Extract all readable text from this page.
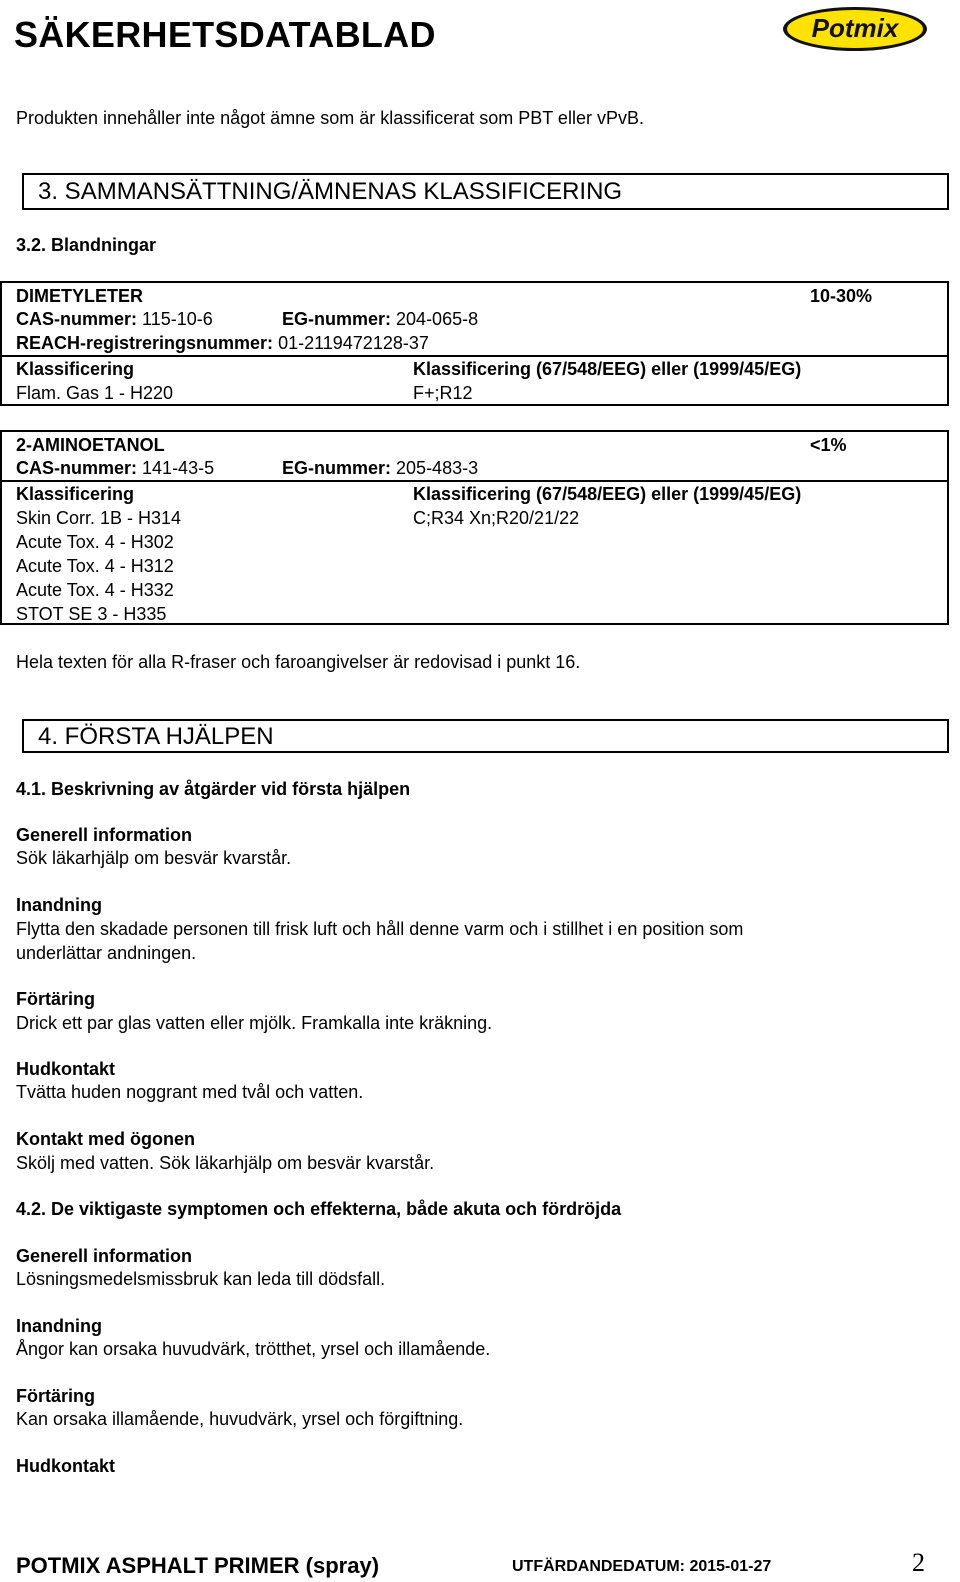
SÄKERHETSDATABLAD	Potmix
Produkten innehåller inte något ämne som är klassificerat som PBT eller vPvB.
3. SAMMANSÄTTNING/ÄMNENAS KLASSIFICERING
3.2. Blandningar
DIMETYLETER	10-30%
CAS-nummer: 115-10-6	EG-nummer: 204-065-8
REACH-registreringsnummer: 01-2119472128-37
Klassificering	Klassificering (67/548/EEG) eller (1999/45/EG)
Flam. Gas 1 - H220	F+;R12
2-AMINOETANOL	<1%
CAS-nummer: 141-43-5	EG-nummer: 205-483-3
Klassificering	Klassificering (67/548/EEG) eller (1999/45/EG)
Skin Corr. 1B - H314	C;R34 Xn;R20/21/22
Acute Tox. 4 - H302
Acute Tox. 4 - H312
Acute Tox. 4 - H332
STOT SE 3 - H335
Hela texten för alla R-fraser och faroangivelser är redovisad i punkt 16.
4. FÖRSTA HJÄLPEN
4.1. Beskrivning av åtgärder vid första hjälpen
Generell information
Sök läkarhjälp om besvär kvarstår.
Inandning
Flytta den skadade personen till frisk luft och håll denne varm och i stillhet i en position som
underlättar andningen.
Förtäring
Drick ett par glas vatten eller mjölk. Framkalla inte kräkning.
Hudkontakt
Tvätta huden noggrant med tvål och vatten.
Kontakt med ögonen
Skölj med vatten. Sök läkarhjälp om besvär kvarstår.
4.2. De viktigaste symptomen och effekterna, både akuta och fördröjda
Generell information
Lösningsmedelsmissbruk kan leda till dödsfall.
Inandning
Ångor kan orsaka huvudvärk, trötthet, yrsel och illamående.
Förtäring
Kan orsaka illamående, huvudvärk, yrsel och förgiftning.
Hudkontakt
POTMIX ASPHALT PRIMER (spray)	UTFÄRDANDEDATUM: 2015-01-27	2
